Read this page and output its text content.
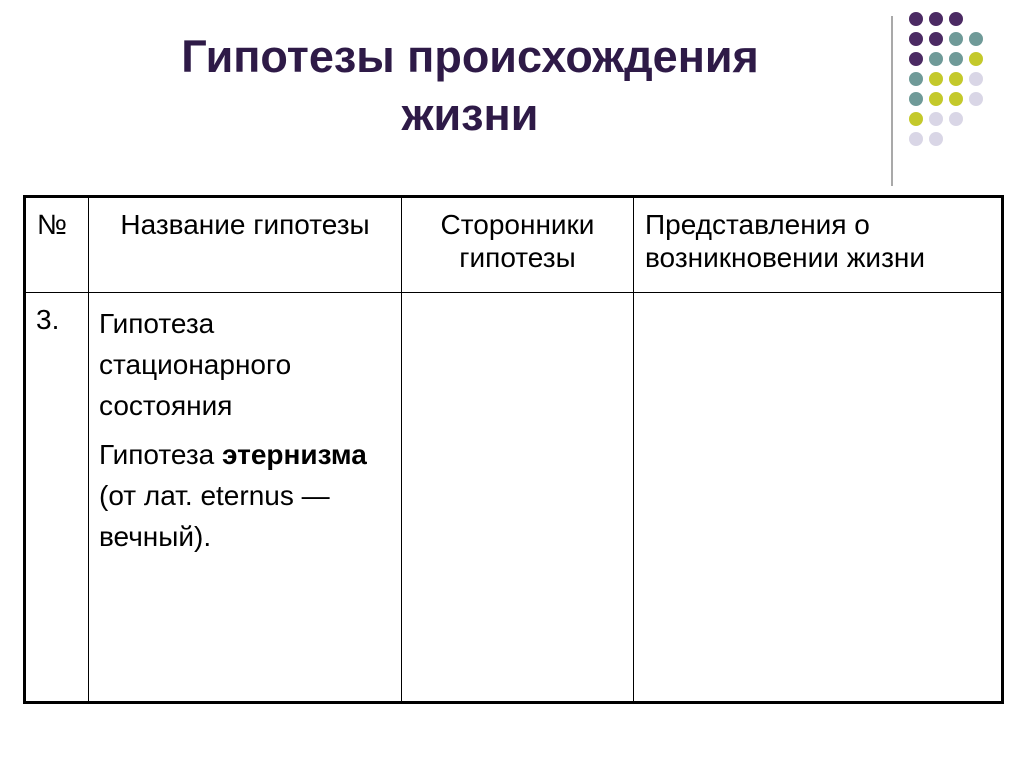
Гипотезы происхождения
жизни
№	Название гипотезы	Сторонники гипотезы	Представления о возникновении жизни
3.	Гипотеза стационарного состояния

Гипотеза этернизма (от лат. eternus — вечный).		
